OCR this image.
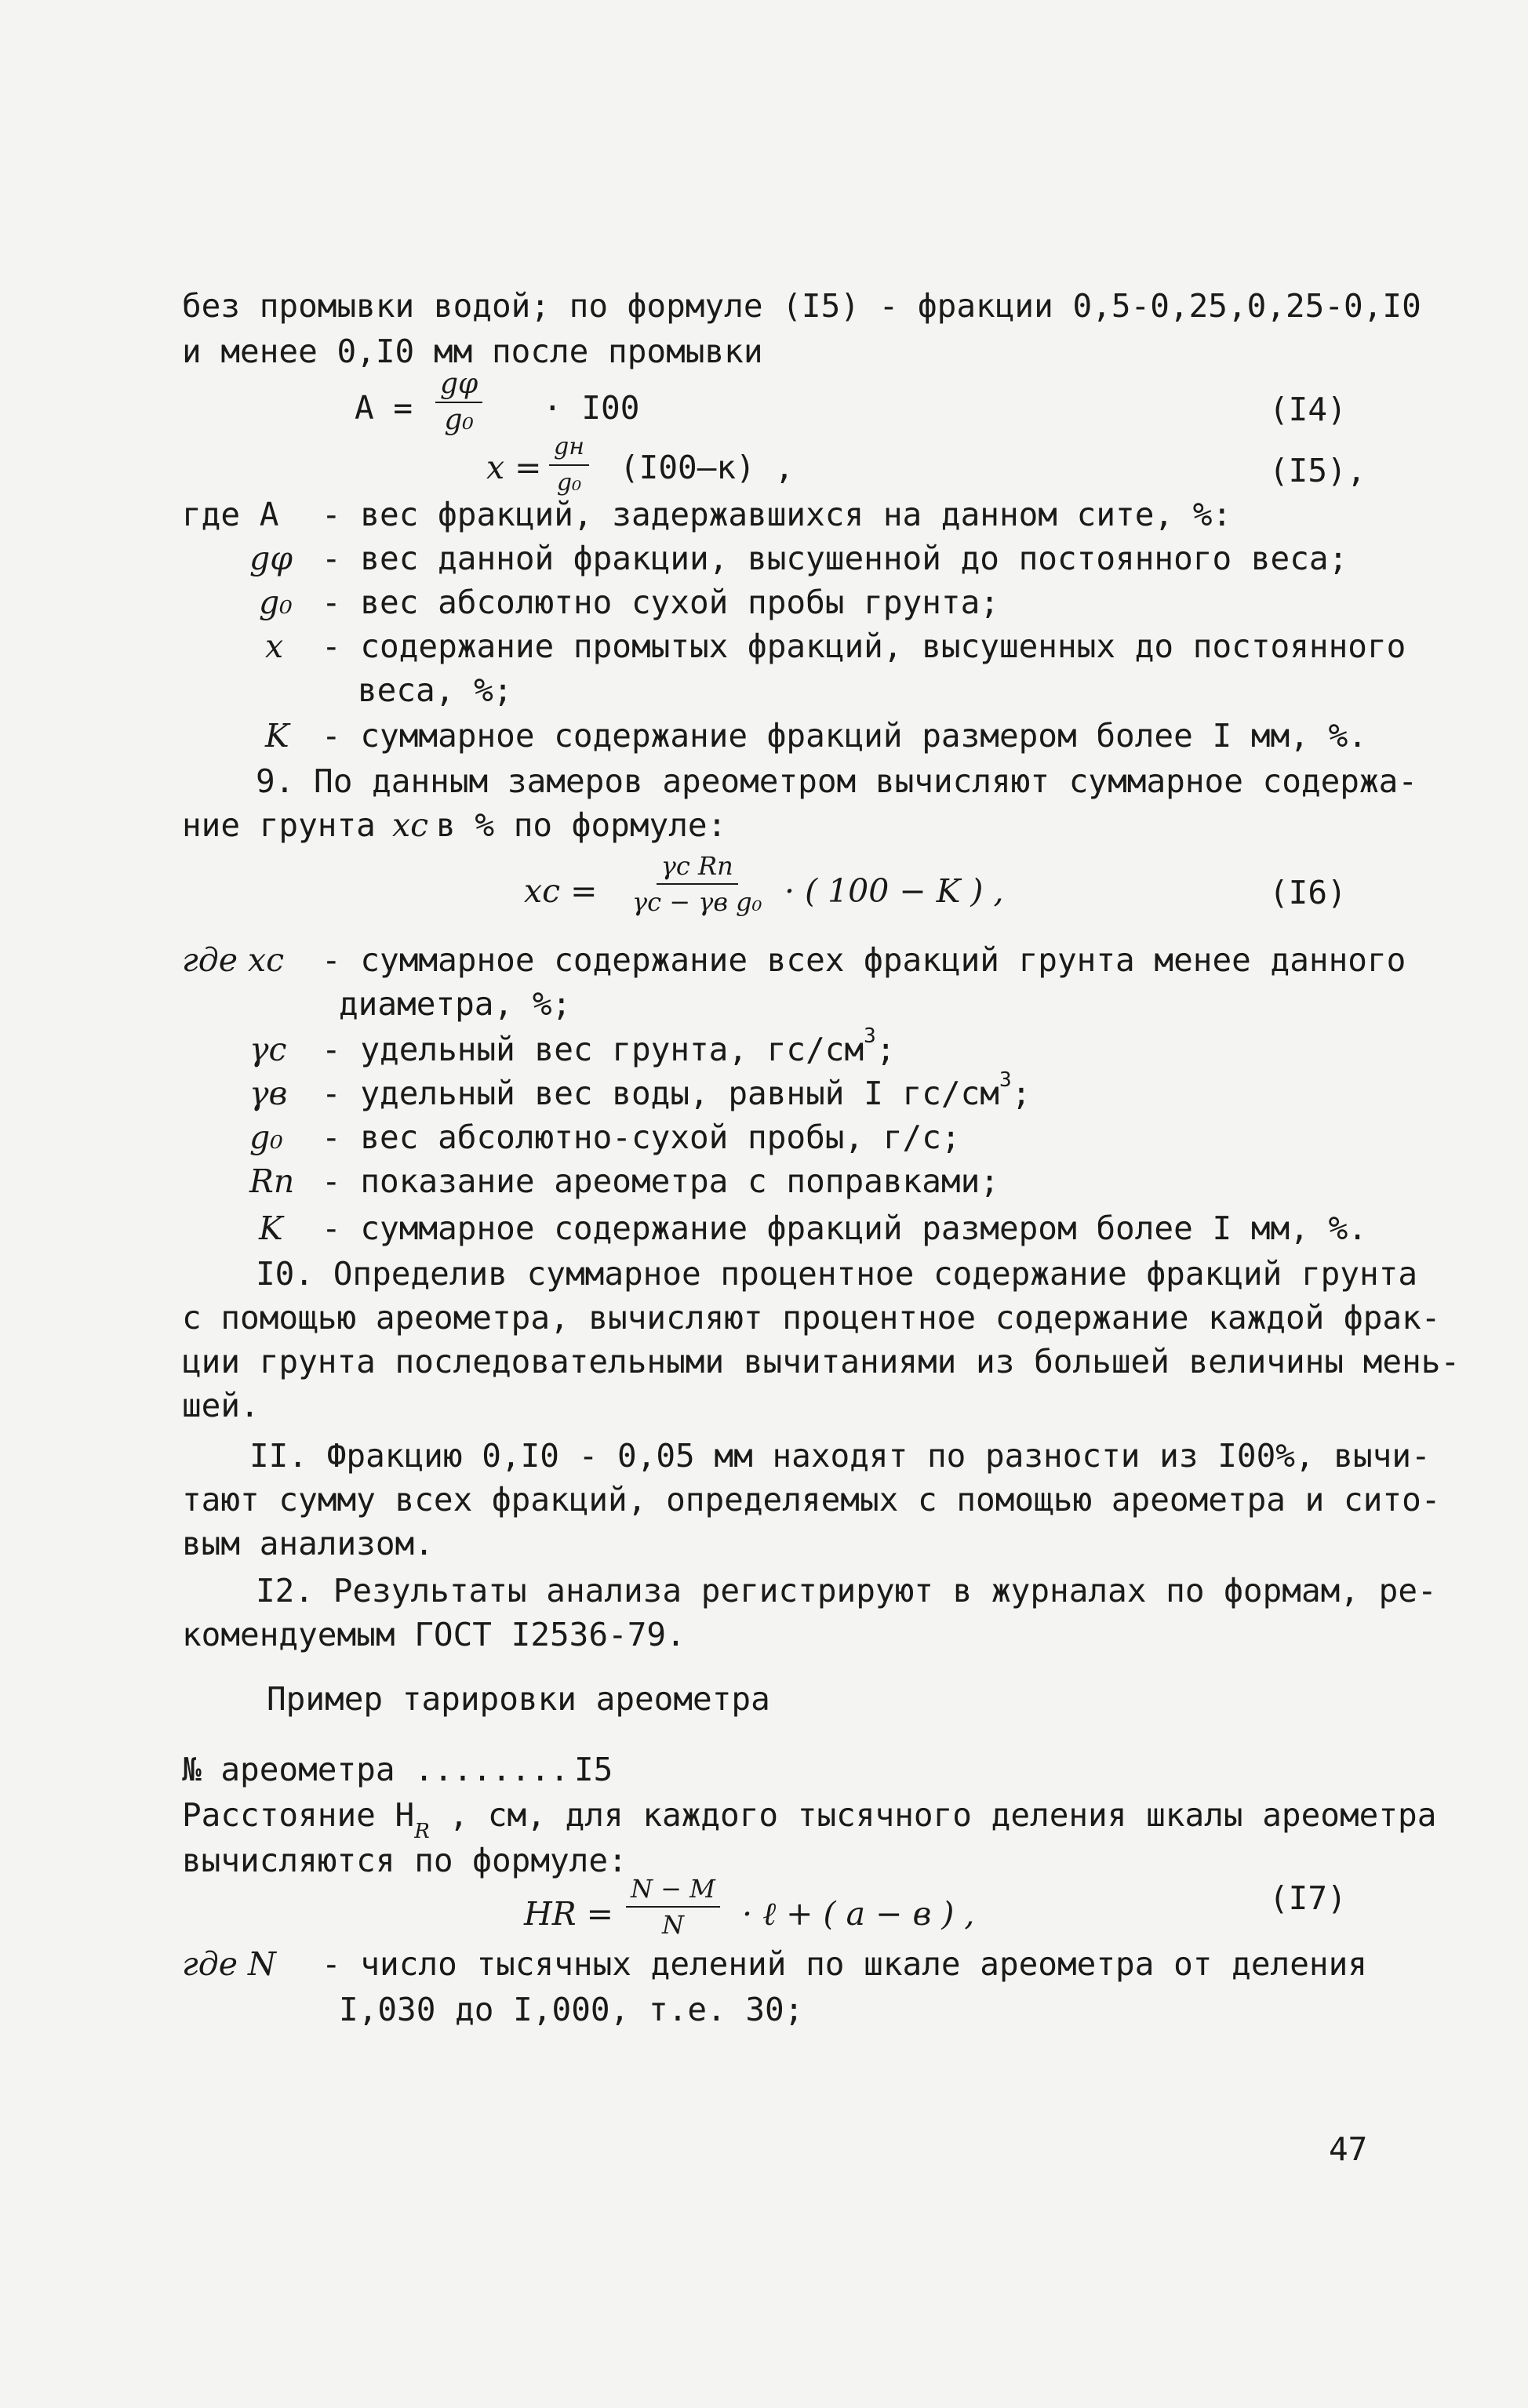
без промывки водой; по формуле (I5) - фракции 0,5-0,25,0,25-0,I0
и менее 0,I0 мм после промывки
$A = \frac{g\varphi}{\text{g₀}} \cdot I00$	(I4)
x =
gн
g₀ (I00–к) ,	(I5),
где A - вес фракций, задержавшихся на данном сите, %:
gφ - вес данной фракции, высушенной до постоянного веса;
g₀ - вес абсолютно сухой пробы грунта;
x - содержание промытых фракций, высушенных до постоянного
веса, %;
K - суммарное содержание фракций размером более I мм, %.
9. По данным замеров ареометром вычисляют суммарное содержа-
ние грунта xc в % по формуле:
xc =
γc Rn
γc − γв g₀ · ( 100 − K ) ,	(I6)
где xc - суммарное содержание всех фракций грунта менее данного
диаметра, %;
γc - удельный вес грунта, $гс/см^3$;
γв - удельный вес воды, равный I $гс/см^3$;
g₀ - вес абсолютно-сухой пробы, г/с;
Rn - показание ареометра с поправками;
K - суммарное содержание фракций размером более I мм, %.
I0. Определив суммарное процентное содержание фракций грунта
с помощью ареометра, вычисляют процентное содержание каждой фрак-
ции грунта последовательными вычитаниями из большей величины мень-
шей.
II. Фракцию 0,I0 - 0,05 мм находят по разности из I00%, вычи-
тают сумму всех фракций, определяемых с помощью ареометра и сито-
вым анализом.
I2. Результаты анализа регистрируют в журналах по формам, ре-
комендуемым ГОСТ I2536-79.
Пример тарировки ареометра
№ ареометра ........ I5
Расстояние $H_R$ , см, для каждого тысячного деления шкалы ареометра
вычисляются по формуле:
HR = $\frac{N - M}{N}$ · ℓ + ( a − в ) ,	(I7)
где N - число тысячных делений по шкале ареометра от деления
I,030 до I,000, т.е. 30;
47
